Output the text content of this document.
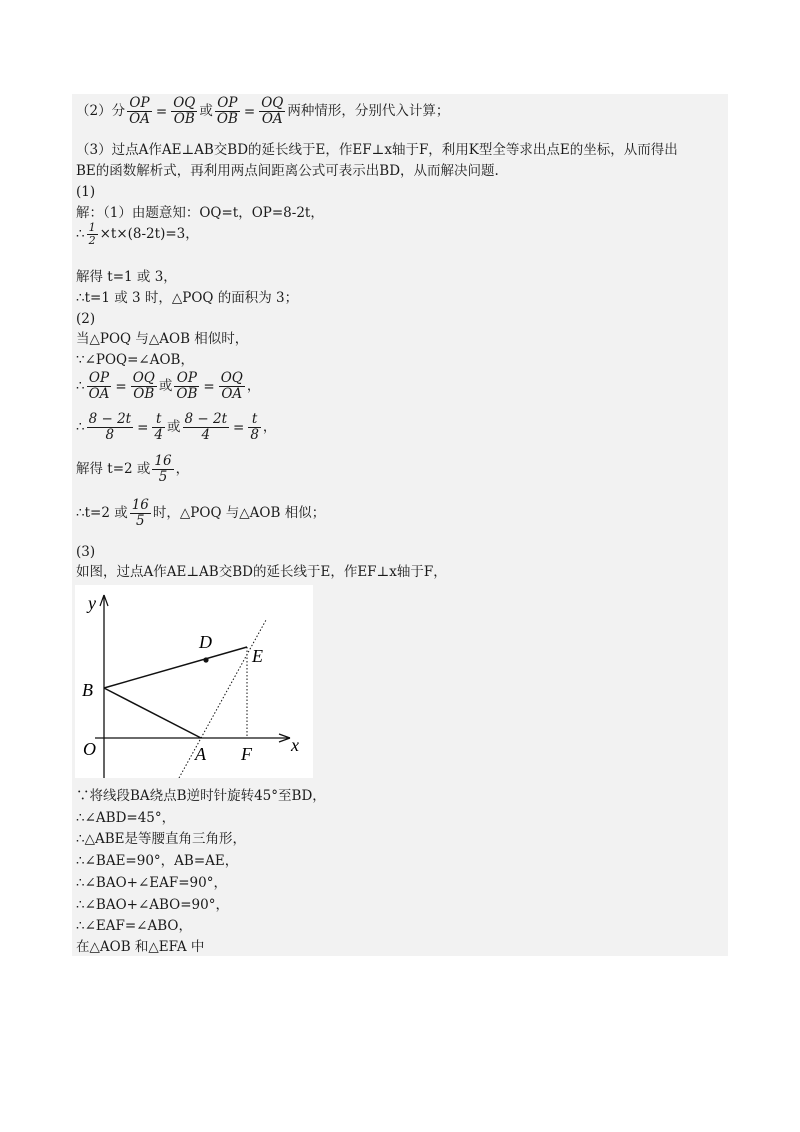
（2）分 $\frac{OP}{OA} = \frac{OQ}{OB}$ 或 $\frac{OP}{OB} = \frac{OQ}{OA}$ 两种情形，分别代入计算；
（3）过点A作AE⊥AB交BD的延长线于E，作EF⊥x轴于F，利用K型全等求出点E的坐标，从而得出
BE的函数解析式，再利用两点间距离公式可表示出BD，从而解决问题.
(1)
解：（1）由题意知：OQ=t，OP=8-2t，
∴ $\frac{1}{2} \times t\times(8-2t)=3$，
解得 t=1 或 3，
∴t=1 或 3 时，△POQ 的面积为 3；
(2)
当△POQ 与△AOB 相似时，
∵∠POQ=∠AOB，
∴ $\frac{OP}{OA} = \frac{OQ}{OB}$ 或 $\frac{OP}{OB} = \frac{OQ}{OA}$ ，
∴ $\frac{8 - 2t}{8} = \frac{t}{4}$ 或 $\frac{8 - 2t}{4} = \frac{t}{8}$ ，
解得 t=2 或 $\frac{16}{5}$ ，
∴t=2 或 $\frac{16}{5}$ 时，△POQ 与△AOB 相似；
(3)
如图，过点A作AE⊥AB交BD的延长线于E，作EF⊥x轴于F，
y
x
O	A
B
D
E
F
∵将线段BA绕点B逆时针旋转45°至BD，
∴∠ABD=45°，
∴△ABE是等腰直角三角形，
∴∠BAE=90°，AB=AE，
∴∠BAO+∠EAF=90°，
∴∠BAO+∠ABO=90°，
∴∠EAF=∠ABO，
在△AOB 和△EFA 中
